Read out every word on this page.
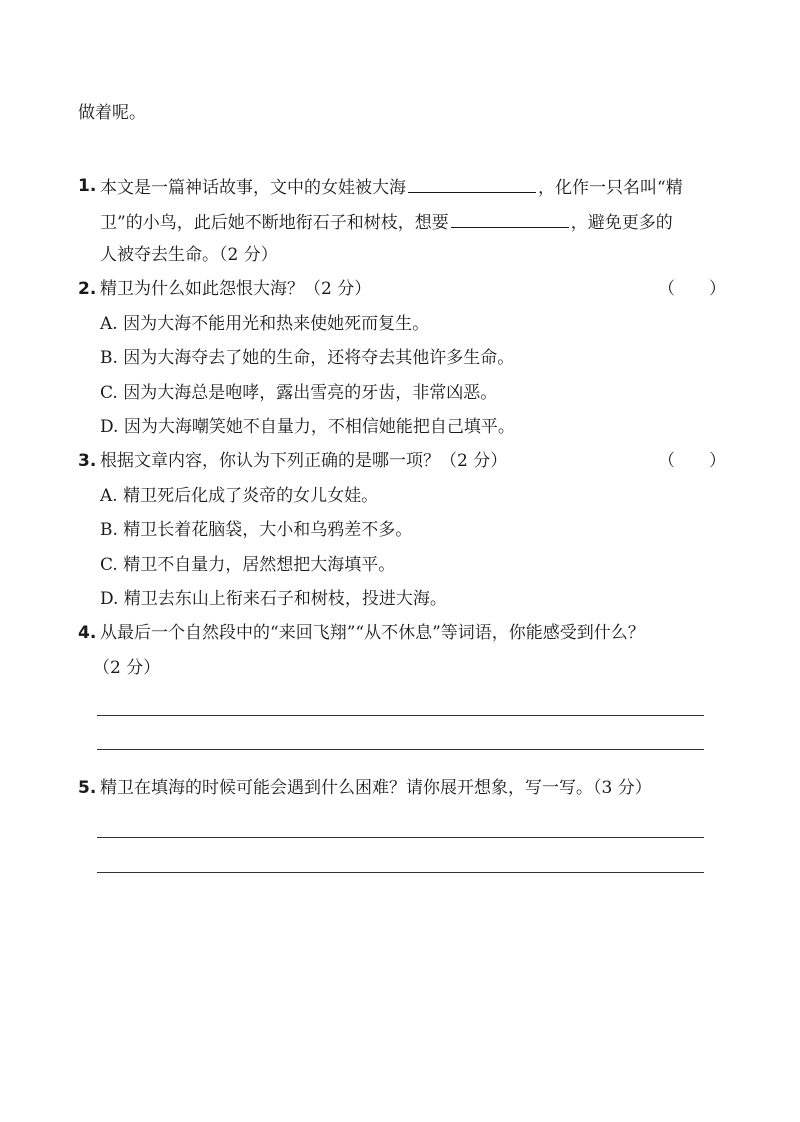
做着呢。
1. 本文是一篇神话故事，文中的女娃被大海	，化作一只名叫“精
卫”的小鸟，此后她不断地衔石子和树枝，想要	，避免更多的
人被夺去生命。（2 分）
2. 精卫为什么如此怨恨大海？（2 分）	（　　）
A. 因为大海不能用光和热来使她死而复生。
B. 因为大海夺去了她的生命，还将夺去其他许多生命。
C. 因为大海总是咆哮，露出雪亮的牙齿，非常凶恶。
D. 因为大海嘲笑她不自量力，不相信她能把自己填平。
3. 根据文章内容，你认为下列正确的是哪一项？（2 分）	（　　）
A. 精卫死后化成了炎帝的女儿女娃。
B. 精卫长着花脑袋，大小和乌鸦差不多。
C. 精卫不自量力，居然想把大海填平。
D. 精卫去东山上衔来石子和树枝，投进大海。
4. 从最后一个自然段中的“来回飞翔”“从不休息”等词语，你能感受到什么？
（2 分）
5. 精卫在填海的时候可能会遇到什么困难？请你展开想象，写一写。（3 分）
